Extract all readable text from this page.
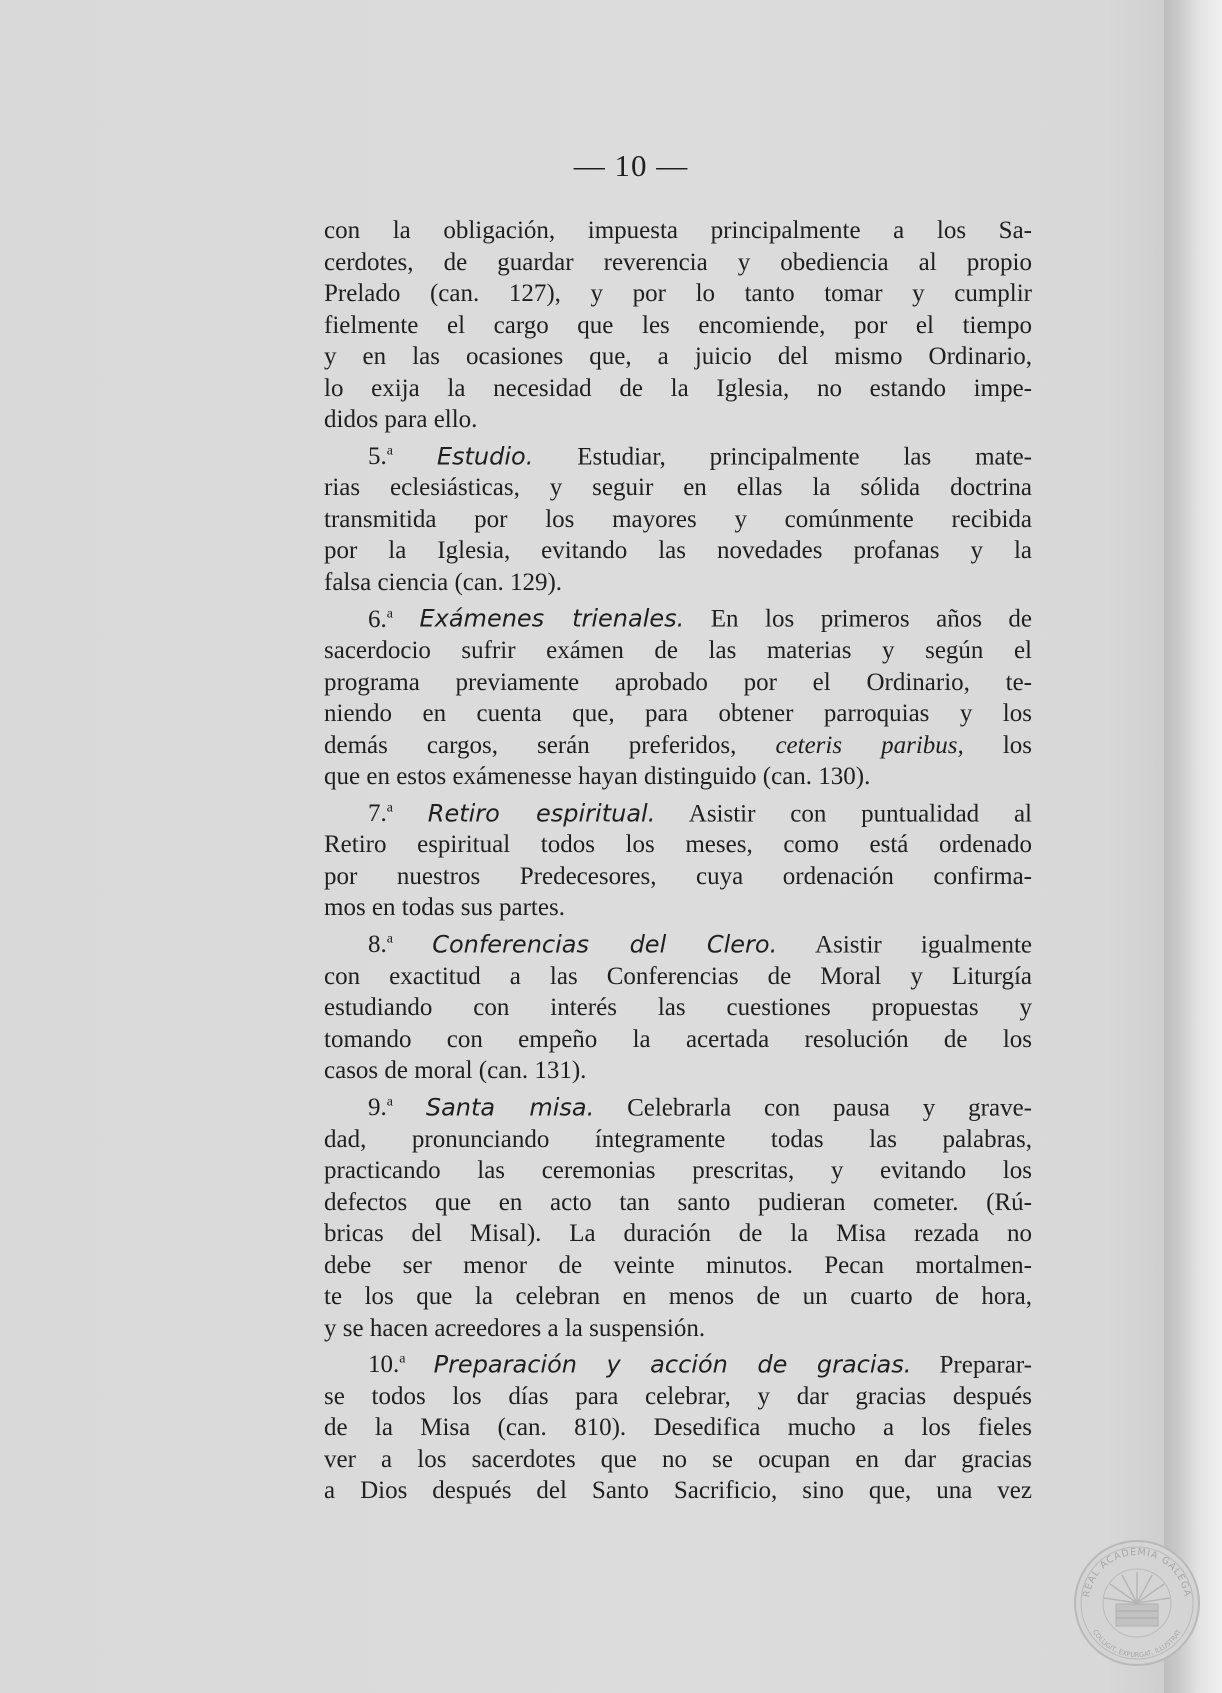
— 10 —
con la obligación, impuesta principalmente a los Sa-
cerdotes, de guardar reverencia y obediencia al propio
Prelado (can. 127), y por lo tanto tomar y cumplir
fielmente el cargo que les encomiende, por el tiempo
y en las ocasiones que, a juicio del mismo Ordinario,
lo exija la necesidad de la Iglesia, no estando impe-
didos para ello.
5.$^a$ Estudio. Estudiar, principalmente las mate-
rias eclesiásticas, y seguir en ellas la sólida doctrina
transmitida por los mayores y comúnmente recibida
por la Iglesia, evitando las novedades profanas y la
falsa ciencia (can. 129).
6.$^a$ Exámenes trienales. En los primeros años de
sacerdocio sufrir exámen de las materias y según el
programa previamente aprobado por el Ordinario, te-
niendo en cuenta que, para obtener parroquias y los
demás cargos, serán preferidos, ceteris paribus, los
que en estos exámenesse hayan distinguido (can. 130).
7.$^a$ Retiro espiritual. Asistir con puntualidad al
Retiro espiritual todos los meses, como está ordenado
por nuestros Predecesores, cuya ordenación confirma-
mos en todas sus partes.
8.$^a$ Conferencias del Clero. Asistir igualmente
con exactitud a las Conferencias de Moral y Liturgía
estudiando con interés las cuestiones propuestas y
tomando con empeño la acertada resolución de los
casos de moral (can. 131).
9.$^a$ Santa misa. Celebrarla con pausa y grave-
dad, pronunciando íntegramente todas las palabras,
practicando las ceremonias prescritas, y evitando los
defectos que en acto tan santo pudieran cometer. (Rú-
bricas del Misal). La duración de la Misa rezada no
debe ser menor de veinte minutos. Pecan mortalmen-
te los que la celebran en menos de un cuarto de hora,
y se hacen acreedores a la suspensión.
10.$^a$ Preparación y acción de gracias. Preparar-
se todos los días para celebrar, y dar gracias después
de la Misa (can. 810). Desedifica mucho a los fieles
ver a los sacerdotes que no se ocupan en dar gracias
a Dios después del Santo Sacrificio, sino que, una vez
REAL ACADEMIA GALEGA
COLLIGIT, EXPURGAT, ILLUSTRAT
